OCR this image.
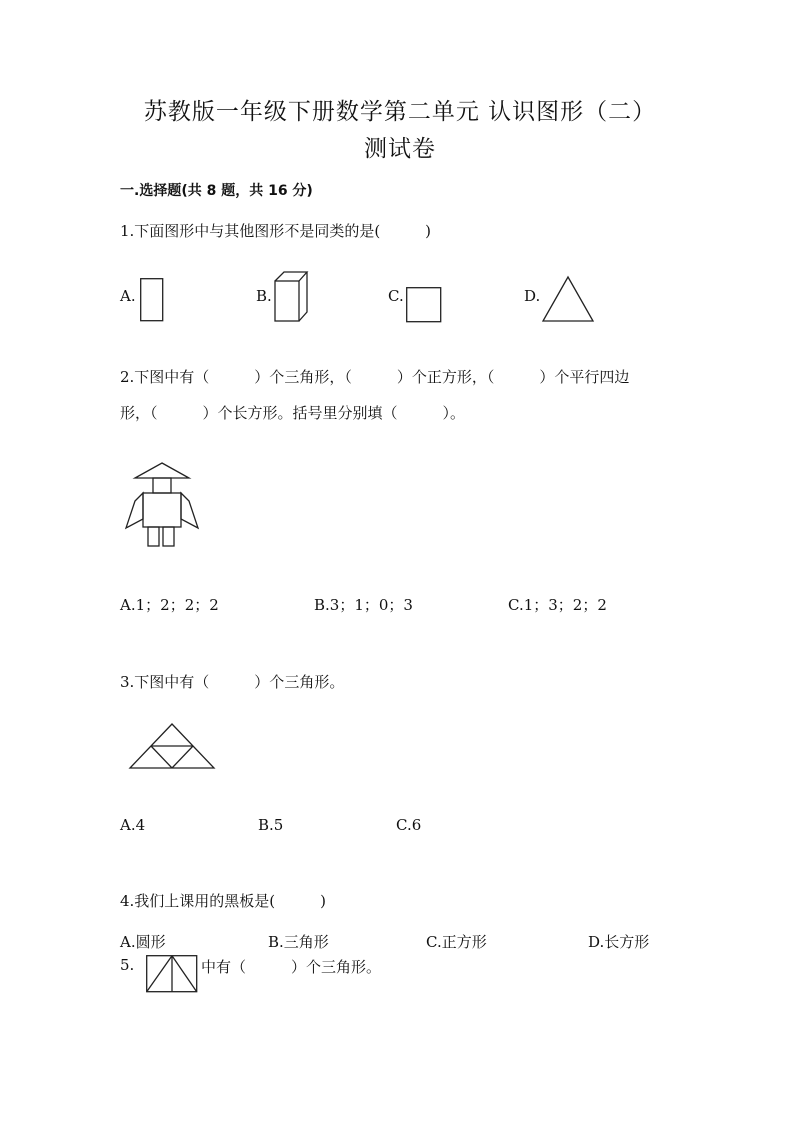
苏教版一年级下册数学第二单元 认识图形（二）
测试卷
一.选择题(共 8 题，共 16 分)
1.下面图形中与其他图形不是同类的是(　　　)
A.	B.	C.	D.
2.下图中有（　　　）个三角形，（　　　）个正方形，（　　　）个平行四边
形，（　　　）个长方形。括号里分别填（　　　）。
A.1；2；2；2	B.3；1；0；3	C.1；3；2；2
3.下图中有（　　　）个三角形。
A.4	B.5	C.6
4.我们上课用的黑板是(　　　)
A.圆形	B.三角形	C.正方形	D.长方形
5.	中有（　　　）个三角形。
